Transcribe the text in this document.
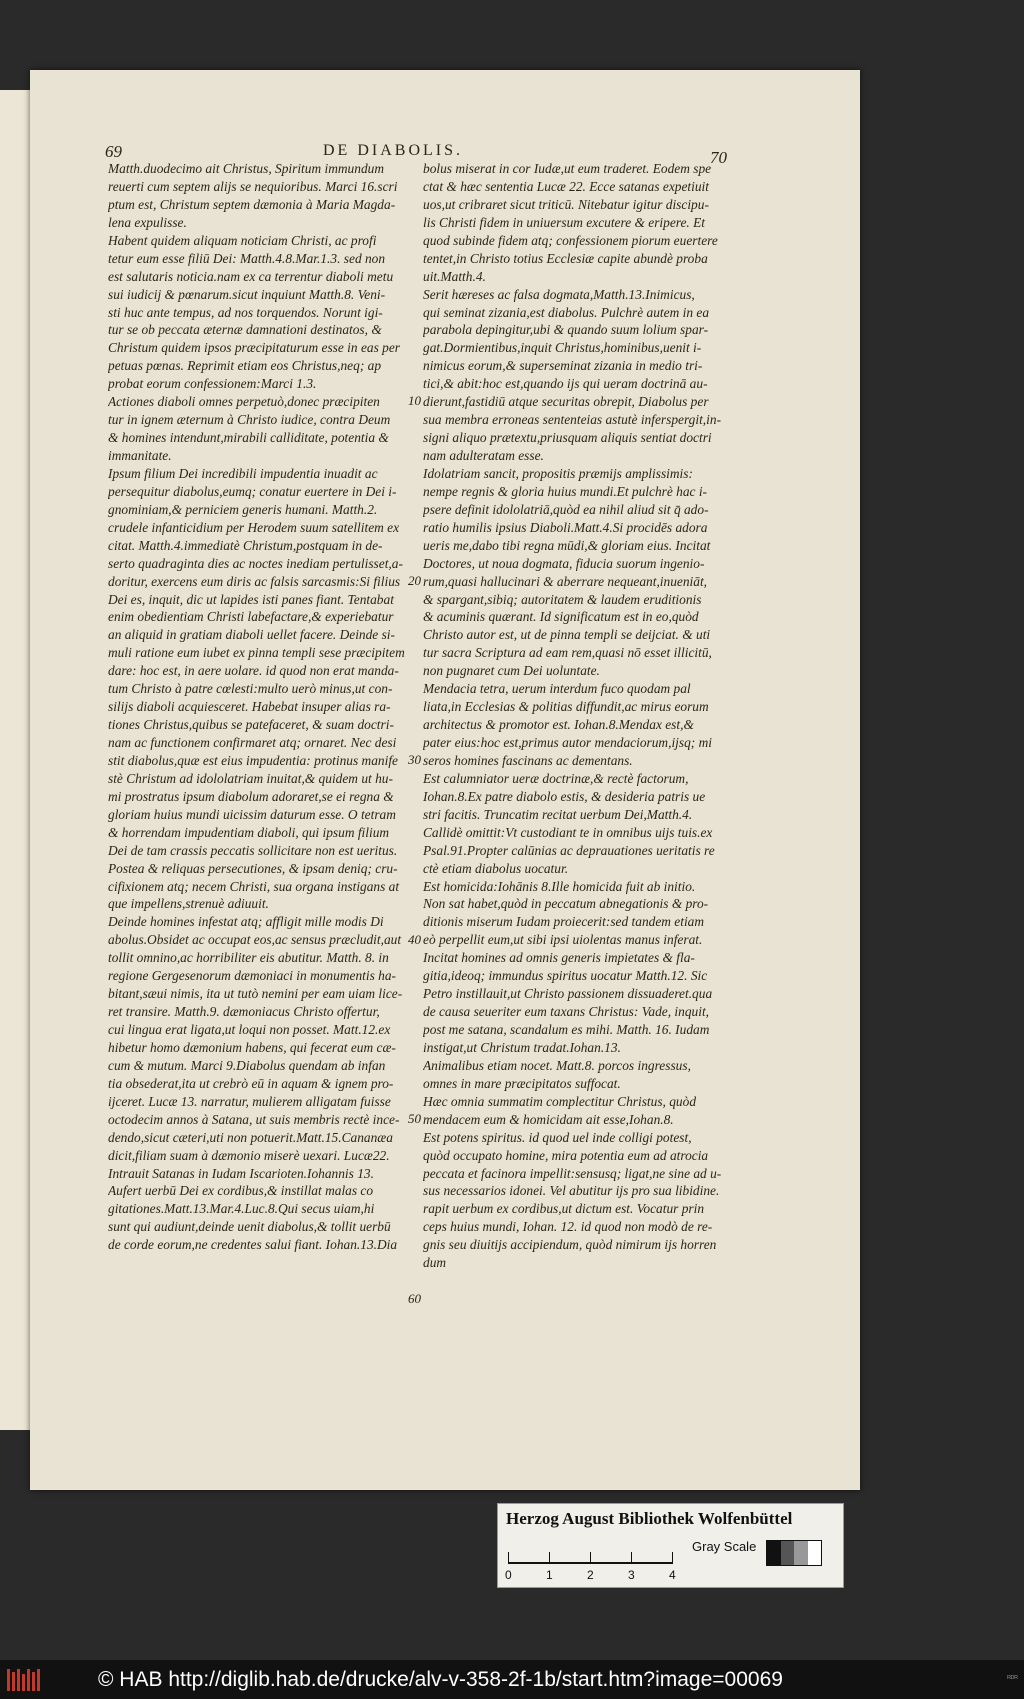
69	DE DIABOLIS.	70
Matth.duodecimo ait Christus, Spiritum immundum
reuerti cum septem alijs se nequioribus. Marci 16.scri
ptum est, Christum septem dæmonia à Maria Magda-
lena expulisse.
Habent quidem aliquam noticiam Christi, ac profi
tetur eum esse filiū Dei: Matth.4.8.Mar.1.3. sed non
est salutaris noticia.nam ex ca terrentur diaboli metu
sui iudicij & pœnarum.sicut inquiunt Matth.8. Veni-
sti huc ante tempus, ad nos torquendos. Norunt igi-
tur se ob peccata æternæ damnationi destinatos, &
Christum quidem ipsos præcipitaturum esse in eas per
petuas pœnas. Reprimit etiam eos Christus,neq; ap
probat eorum confessionem:Marci 1.3.
Actiones diaboli omnes perpetuò,donec præcipiten
tur in ignem æternum à Christo iudice, contra Deum
& homines intendunt,mirabili calliditate, potentia &
immanitate.
Ipsum filium Dei incredibili impudentia inuadit ac
persequitur diabolus,eumq; conatur euertere in Dei i-
gnominiam,& perniciem generis humani. Matth.2.
crudele infanticidium per Herodem suum satellitem ex
citat. Matth.4.immediatè Christum,postquam in de-
serto quadraginta dies ac noctes inediam pertulisset,a-
doritur, exercens eum diris ac falsis sarcasmis:Si filius
Dei es, inquit, dic ut lapides isti panes fiant. Tentabat
enim obedientiam Christi labefactare,& experiebatur
an aliquid in gratiam diaboli uellet facere. Deinde si-
muli ratione eum iubet ex pinna templi sese præcipitem
dare: hoc est, in aere uolare. id quod non erat manda-
tum Christo à patre cœlesti:multo uerò minus,ut con-
silijs diaboli acquiesceret. Habebat insuper alias ra-
tiones Christus,quibus se patefaceret, & suam doctri-
nam ac functionem confirmaret atq; ornaret. Nec desi
stit diabolus,quæ est eius impudentia: protinus manife
stè Christum ad idololatriam inuitat,& quidem ut hu-
mi prostratus ipsum diabolum adoraret,se ei regna &
gloriam huius mundi uicissim daturum esse. O tetram
& horrendam impudentiam diaboli, qui ipsum filium
Dei de tam crassis peccatis sollicitare non est ueritus.
Postea & reliquas persecutiones, & ipsam deniq; cru-
cifixionem atq; necem Christi, sua organa instigans at
que impellens,strenuè adiuuit.
Deinde homines infestat atq; affligit mille modis Di
abolus.Obsidet ac occupat eos,ac sensus præcludit,aut
tollit omnino,ac horribiliter eis abutitur. Matth. 8. in
regione Gergesenorum dæmoniaci in monumentis ha-
bitant,sæui nimis, ita ut tutò nemini per eam uiam lice-
ret transire. Matth.9. dæmoniacus Christo offertur,
cui lingua erat ligata,ut loqui non posset. Matt.12.ex
hibetur homo dæmonium habens, qui fecerat eum cæ-
cum & mutum. Marci 9.Diabolus quendam ab infan
tia obsederat,ita ut crebrò eū in aquam & ignem pro-
ijceret. Lucæ 13. narratur, mulierem alligatam fuisse
octodecim annos à Satana, ut suis membris rectè ince-
dendo,sicut cæteri,uti non potuerit.Matt.15.Cananæa
dicit,filiam suam à dæmonio miserè uexari. Lucæ22.
Intrauit Satanas in Iudam Iscarioten.Iohannis 13.
Aufert uerbū Dei ex cordibus,& instillat malas co
gitationes.Matt.13.Mar.4.Luc.8.Qui secus uiam,hi
sunt qui audiunt,deinde uenit diabolus,& tollit uerbū
de corde eorum,ne credentes salui fiant. Iohan.13.Dia
bolus miserat in cor Iudæ,ut eum traderet. Eodem spe
ctat & hæc sententia Lucæ 22. Ecce satanas expetiuit
uos,ut cribraret sicut triticū. Nitebatur igitur discipu-
lis Christi fidem in uniuersum excutere & eripere. Et
quod subinde fidem atq; confessionem piorum euertere
tentet,in Christo totius Ecclesiæ capite abundè proba
uit.Matth.4.
Serit hæreses ac falsa dogmata,Matth.13.Inimicus,
qui seminat zizania,est diabolus. Pulchrè autem in ea
parabola depingitur,ubi & quando suum lolium spar-
gat.Dormientibus,inquit Christus,hominibus,uenit i-
nimicus eorum,& superseminat zizania in medio tri-
tici,& abit:hoc est,quando ijs qui ueram doctrinā au-
dierunt,fastidiū atque securitas obrepit, Diabolus per
sua membra erroneas sententeias astutè inferspergit,in-
signi aliquo prætextu,priusquam aliquis sentiat doctri
nam adulteratam esse.
Idolatriam sancit, propositis præmijs amplissimis:
nempe regnis & gloria huius mundi.Et pulchrè hac i-
psere definit idololatriā,quòd ea nihil aliud sit q̄ ado-
ratio humilis ipsius Diaboli.Matt.4.Si procidēs adora
ueris me,dabo tibi regna mūdi,& gloriam eius. Incitat
Doctores, ut noua dogmata, fiducia suorum ingenio-
rum,quasi hallucinari & aberrare nequeant,inueniāt,
& spargant,sibiq; autoritatem & laudem eruditionis
& acuminis quærant. Id significatum est in eo,quòd
Christo autor est, ut de pinna templi se deijciat. & uti
tur sacra Scriptura ad eam rem,quasi nō esset illicitū,
non pugnaret cum Dei uoluntate.
Mendacia tetra, uerum interdum fuco quodam pal
liata,in Ecclesias & politias diffundit,ac mirus eorum
architectus & promotor est. Iohan.8.Mendax est,&
pater eius:hoc est,primus autor mendaciorum,ijsq; mi
seros homines fascinans ac dementans.
Est calumniator ueræ doctrinæ,& rectè factorum,
Iohan.8.Ex patre diabolo estis, & desideria patris ue
stri facitis. Truncatim recitat uerbum Dei,Matth.4.
Callidè omittit:Vt custodiant te in omnibus uijs tuis.ex
Psal.91.Propter calūnias ac deprauationes ueritatis re
ctè etiam diabolus uocatur.
Est homicida:Iohānis 8.Ille homicida fuit ab initio.
Non sat habet,quòd in peccatum abnegationis & pro-
ditionis miserum Iudam proiecerit:sed tandem etiam
eò perpellit eum,ut sibi ipsi uiolentas manus inferat.
Incitat homines ad omnis generis impietates & fla-
gitia,ideoq; immundus spiritus uocatur Matth.12. Sic
Petro instillauit,ut Christo passionem dissuaderet.qua
de causa seueriter eum taxans Christus: Vade, inquit,
post me satana, scandalum es mihi. Matth. 16. Iudam
instigat,ut Christum tradat.Iohan.13.
Animalibus etiam nocet. Matt.8. porcos ingressus,
omnes in mare præcipitatos suffocat.
Hæc omnia summatim complectitur Christus, quòd
mendacem eum & homicidam ait esse,Iohan.8.
Est potens spiritus. id quod uel inde colligi potest,
quòd occupato homine, mira potentia eum ad atrocia
peccata et facinora impellit:sensusq; ligat,ne sine ad u-
sus necessarios idonei. Vel abutitur ijs pro sua libidine.
rapit uerbum ex cordibus,ut dictum est. Vocatur prin
ceps huius mundi, Iohan. 12. id quod non modò de re-
gnis seu diuitijs accipiendum, quòd nimirum ijs horren
dum
10
20
30
40
50
60
Herzog August Bibliothek Wolfenbüttel
Gray Scale
0	1	2	3	4
© HAB http://diglib.hab.de/drucke/alv-v-358-2f-1b/start.htm?image=00069	ᴿᴰᴿ
